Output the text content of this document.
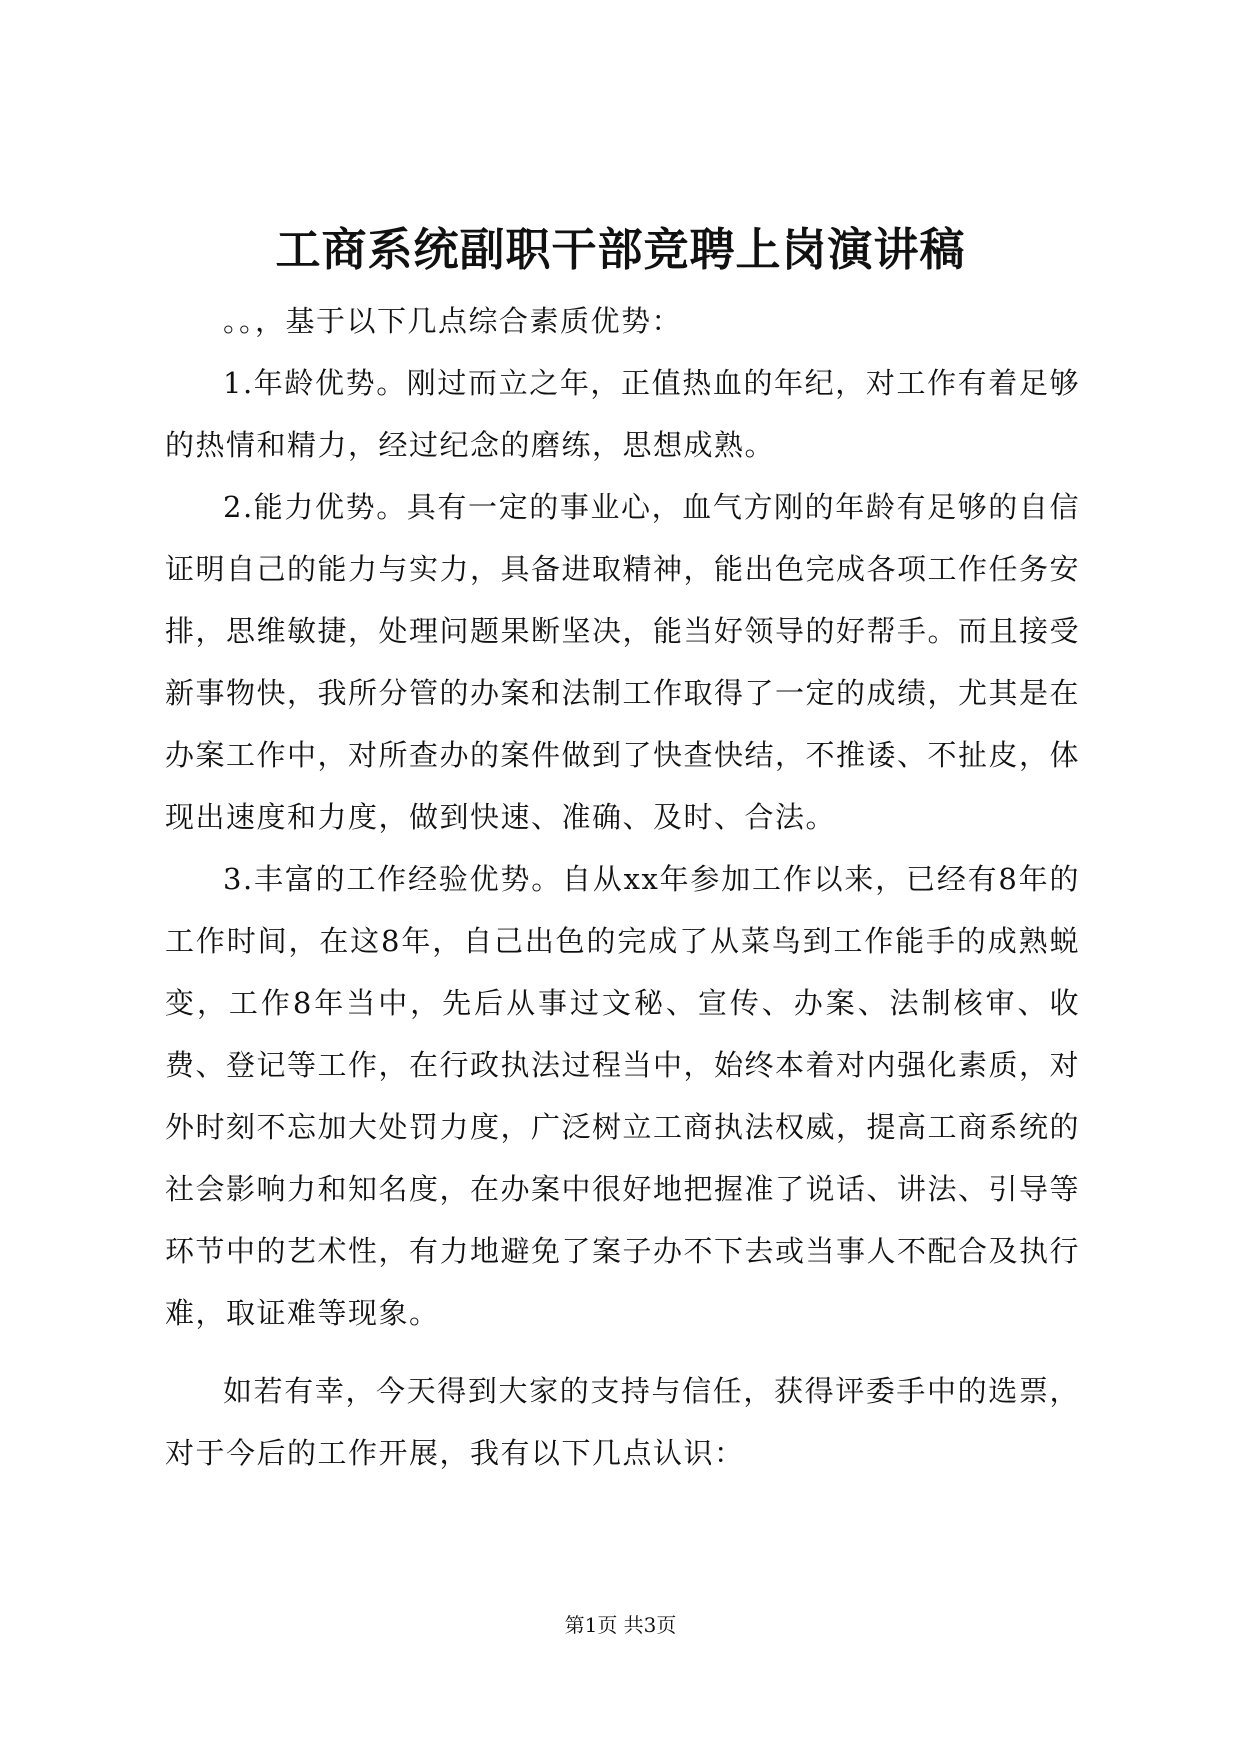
工商系统副职干部竞聘上岗演讲稿

。。，基于以下几点综合素质优势：

1.年龄优势。刚过而立之年，正值热血的年纪，对工作有着足够的热情和精力，经过纪念的磨练，思想成熟。

2.能力优势。具有一定的事业心，血气方刚的年龄有足够的自信证明自己的能力与实力，具备进取精神，能出色完成各项工作任务安排，思维敏捷，处理问题果断坚决，能当好领导的好帮手。而且接受新事物快，我所分管的办案和法制工作取得了一定的成绩，尤其是在办案工作中，对所查办的案件做到了快查快结，不推诿、不扯皮，体现出速度和力度，做到快速、准确、及时、合法。

3.丰富的工作经验优势。自从xx年参加工作以来，已经有8年的工作时间，在这8年，自己出色的完成了从菜鸟到工作能手的成熟蜕变，工作8年当中，先后从事过文秘、宣传、办案、法制核审、收费、登记等工作，在行政执法过程当中，始终本着对内强化素质，对外时刻不忘加大处罚力度，广泛树立工商执法权威，提高工商系统的社会影响力和知名度，在办案中很好地把握准了说话、讲法、引导等环节中的艺术性，有力地避免了案子办不下去或当事人不配合及执行难，取证难等现象。

如若有幸，今天得到大家的支持与信任，获得评委手中的选票，对于今后的工作开展，我有以下几点认识：

第1页 共3页
